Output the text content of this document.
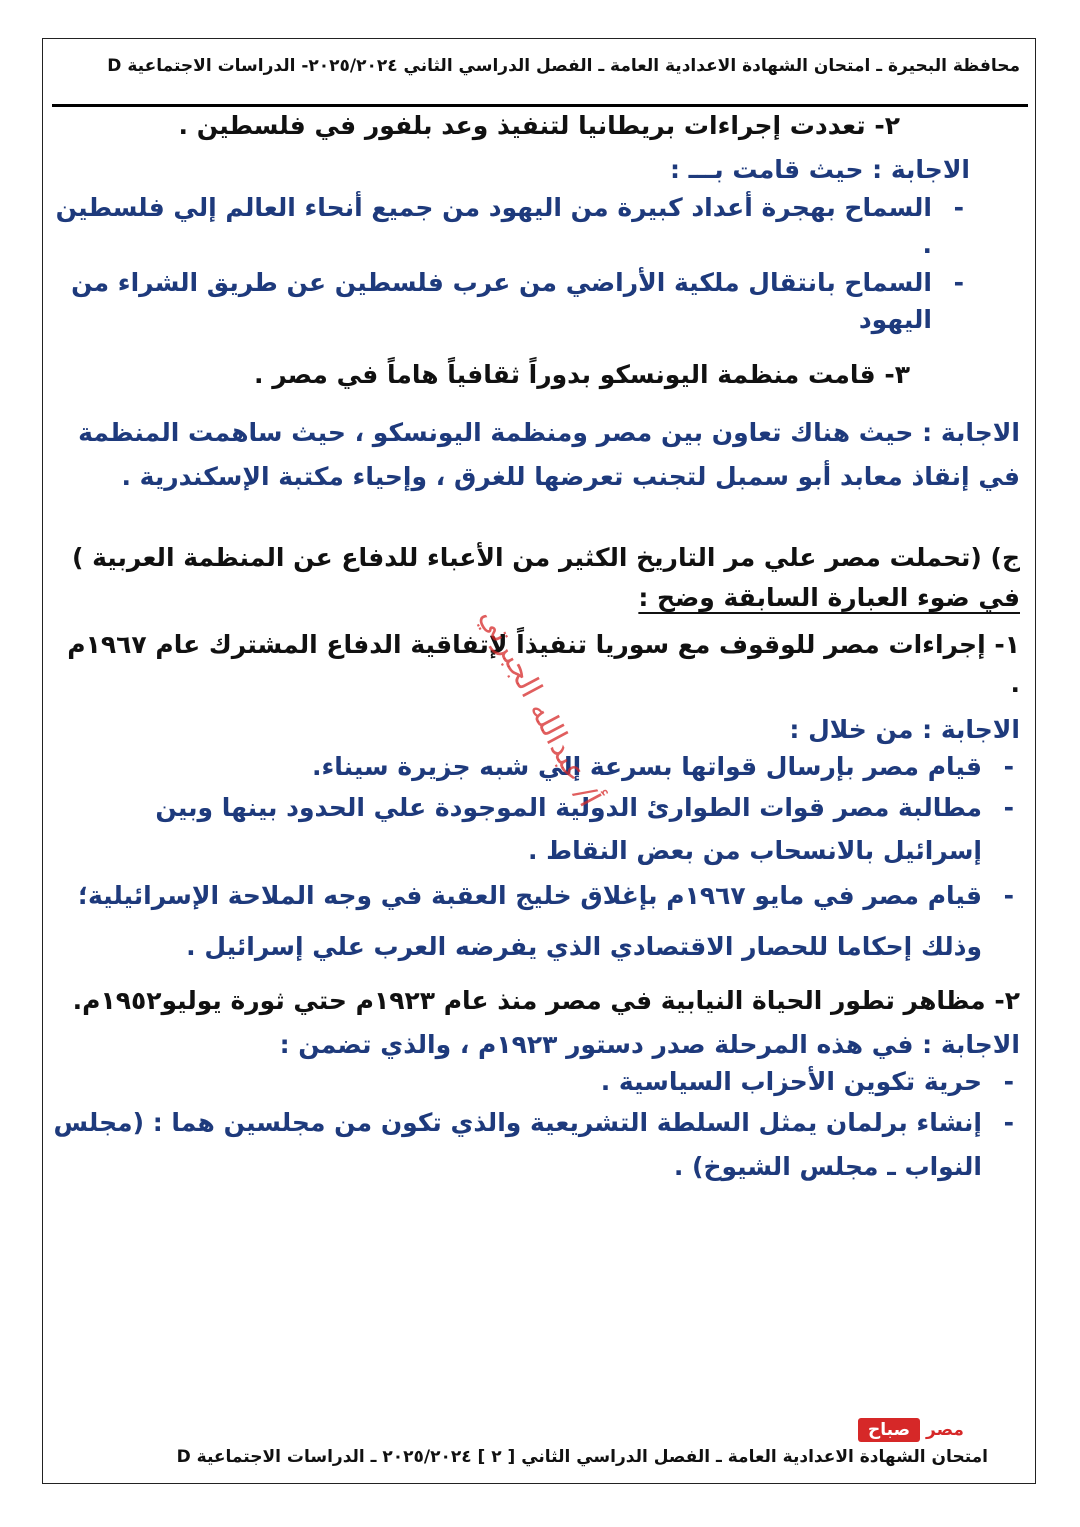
محافظة البحيرة ـ امتحان الشهادة الاعدادية العامة ـ الفصل الدراسي الثاني ٢٠٢٥/٢٠٢٤- الدراسات الاجتماعية D

٢- تعددت إجراءات بريطانيا لتنفيذ وعد بلفور في فلسطين .

الاجابة : حيث قامت بـــ :

- السماح بهجرة أعداد كبيرة من اليهود من جميع أنحاء العالم إلي فلسطين .

- السماح بانتقال ملكية الأراضي من عرب فلسطين عن طريق الشراء من اليهود

٣- قامت منظمة اليونسكو بدوراً ثقافياً هاماً في مصر .

الاجابة : حيث هناك تعاون بين مصر ومنظمة اليونسكو ، حيث ساهمت المنظمة في إنقاذ معابد أبو سمبل لتجنب تعرضها للغرق ، وإحياء مكتبة الإسكندرية .

ج) (تحملت مصر علي مر التاريخ الكثير من الأعباء للدفاع عن المنظمة العربية )

في ضوء العبارة السابقة وضح :

١- إجراءات مصر للوقوف مع سوريا تنفيذاً لإتفاقية الدفاع المشترك عام ١٩٦٧م .

الاجابة : من خلال :

- قيام مصر بإرسال قواتها بسرعة إلي شبه جزيرة سيناء.

- مطالبة مصر قوات الطوارئ الدولية الموجودة علي الحدود بينها وبين إسرائيل بالانسحاب من بعض النقاط .

- قيام مصر في مايو ١٩٦٧م بإغلاق خليج العقبة في وجه الملاحة الإسرائيلية؛

وذلك إحكاما للحصار الاقتصادي الذي يفرضه العرب علي إسرائيل .

٢- مظاهر تطور الحياة النيابية في مصر منذ عام ١٩٢٣م حتي ثورة يوليو١٩٥٢م.

الاجابة : في هذه المرحلة صدر دستور ١٩٢٣م ، والذي تضمن :

- حرية تكوين الأحزاب السياسية .

- إنشاء برلمان يمثل السلطة التشريعية والذي تكون من مجلسين هما : (مجلس النواب ـ مجلس الشيوخ) .

أ/ عبدالله الجبرتي
صباح مصر
امتحان الشهادة الاعدادية العامة ـ الفصل الدراسي الثاني [ ٢ ] ٢٠٢٥/٢٠٢٤ ـ الدراسات الاجتماعية D
